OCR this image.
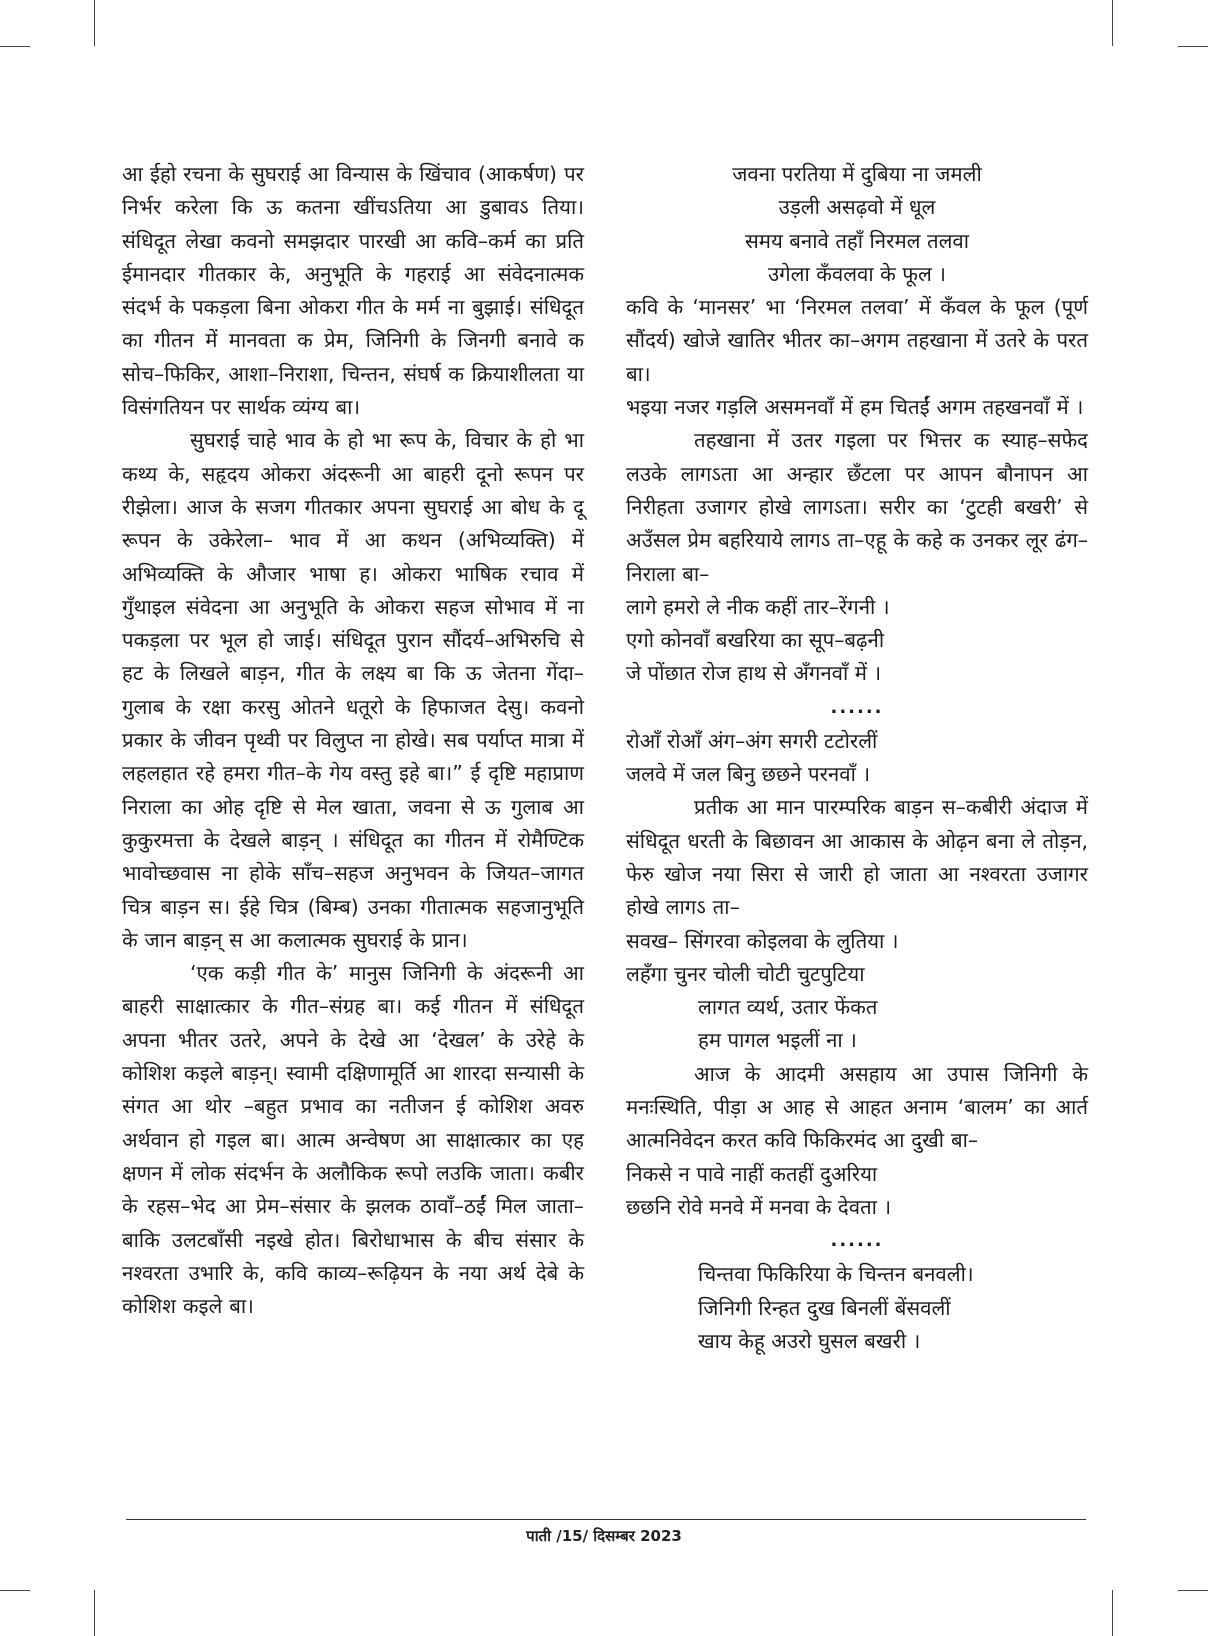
आ ईहो रचना के सुघराई आ विन्यास के खिंचाव (आकर्षण) पर निर्भर करेला कि ऊ कतना खींचऽतिया आ डुबावऽ तिया। संधिदूत लेखा कवनो समझदार पारखी आ कवि–कर्म का प्रति ईमानदार गीतकार के, अनुभूति के गहराई आ संवेदनात्मक संदर्भ के पकड़ला बिना ओकरा गीत के मर्म ना बुझाई। संधिदूत का गीतन में मानवता क प्रेम, जिनिगी के जिनगी बनावे क सोच–फिकिर, आशा–निराशा, चिन्तन, संघर्ष क क्रियाशीलता या विसंगतियन पर सार्थक व्यंग्य बा।
सुघराई चाहे भाव के हो भा रूप के, विचार के हो भा कथ्य के, सहृदय ओकरा अंदरूनी आ बाहरी दूनो रूपन पर रीझेला। आज के सजग गीतकार अपना सुघराई आ बोध के दू रूपन के उकेरेला– भाव में आ कथन (अभिव्यक्ति) में अभिव्यक्ति के औजार भाषा ह। ओकरा भाषिक रचाव में गुँथाइल संवेदना आ अनुभूति के ओकरा सहज सोभाव में ना पकड़ला पर भूल हो जाई। संधिदूत पुरान सौंदर्य–अभिरुचि से हट के लिखले बाड़न, गीत के लक्ष्य बा कि ऊ जेतना गेंदा–गुलाब के रक्षा करसु ओतने धतूरो के हिफाजत देसु। कवनो प्रकार के जीवन पृथ्वी पर विलुप्त ना होखे। सब पर्याप्त मात्रा में लहलहात रहे हमरा गीत–के गेय वस्तु इहे बा।” ई दृष्टि महाप्राण निराला का ओह दृष्टि से मेल खाता, जवना से ऊ गुलाब आ कुकुरमत्ता के देखले बाड़न् । संधिदूत का गीतन में रोमैण्टिक भावोच्छवास ना होके साँच–सहज अनुभवन के जियत–जागत चित्र बाड़न स। ईहे चित्र (बिम्ब) उनका गीतात्मक सहजानुभूति के जान बाड़न् स आ कलात्मक सुघराई के प्रान।
‘एक कड़ी गीत के’ मानुस जिनिगी के अंदरूनी आ बाहरी साक्षात्कार के गीत–संग्रह बा। कई गीतन में संधिदूत अपना भीतर उतरे, अपने के देखे आ ‘देखल’ के उरेहे के कोशिश कइले बाड़न्। स्वामी दक्षिणामूर्ति आ शारदा सन्यासी के संगत आ थोर –बहुत प्रभाव का नतीजन ई कोशिश अवरु अर्थवान हो गइल बा। आत्म अन्वेषण आ साक्षात्कार का एह क्षणन में लोक संदर्भन के अलौकिक रूपो लउकि जाता। कबीर के रहस–भेद आ प्रेम–संसार के झलक ठावाँ–ठईं मिल जाता–बाकि उलटबाँसी नइखे होत। बिरोधाभास के बीच संसार के नश्वरता उभारि के, कवि काव्य–रूढ़ियन के नया अर्थ देबे के कोशिश कइले बा।
जवना परतिया में दुबिया ना जमली
उड़ली असढ़वो में धूल
समय बनावे तहाँ निरमल तलवा
उगेला कँवलवा के फूल ।
कवि के ‘मानसर’ भा ‘निरमल तलवा’ में कँवल के फूल (पूर्ण सौंदर्य) खोजे खातिर भीतर का–अगम तहखाना में उतरे के परत बा।
भइया नजर गड़लि असमनवाँ में हम चितईं अगम तहखनवाँ में ।
तहखाना में उतर गइला पर भित्तर क स्याह–सफेद लउके लागऽता आ अन्हार छँटला पर आपन बौनापन आ निरीहता उजागर होखे लागऽता। सरीर का ‘टुटही बखरी’ से अउँसल प्रेम बहरियाये लागऽ ता–एहू के कहे क उनकर लूर ढंग–निराला बा–
लागे हमरो ले नीक कहीं तार–रेंगनी ।
एगो कोनवाँ बखरिया का सूप–बढ़नी
जे पोंछात रोज हाथ से अँगनवाँ में ।
......
रोआँ रोआँ अंग–अंग सगरी टटोरलीं
जलवे में जल बिनु छछने परनवाँ ।
प्रतीक आ मान पारम्परिक बाड़न स–कबीरी अंदाज में संधिदूत धरती के बिछावन आ आकास के ओढ़न बना ले तोड़न, फेरु खोज नया सिरा से जारी हो जाता आ नश्वरता उजागर होखे लागऽ ता–
सवख– सिंगरवा कोइलवा के लुतिया ।
लहँगा चुनर चोली चोटी चुटपुटिया
लागत व्यर्थ, उतार फेंकत
हम पागल भइलीं ना ।
आज के आदमी असहाय आ उपास जिनिगी के मनःस्थिति, पीड़ा अ आह से आहत अनाम ‘बालम’ का आर्त आत्मनिवेदन करत कवि फिकिरमंद आ दुखी बा–
निकसे न पावे नाहीं कतहीं दुअरिया
छछनि रोवे मनवे में मनवा के देवता ।
......
चिन्तवा फिकिरिया के चिन्तन बनवली।
जिनिगी रिन्हत दुख बिनलीं बेंसवलीं
खाय केहू अउरो घुसल बखरी ।
पाती /15/ दिसम्बर 2023
